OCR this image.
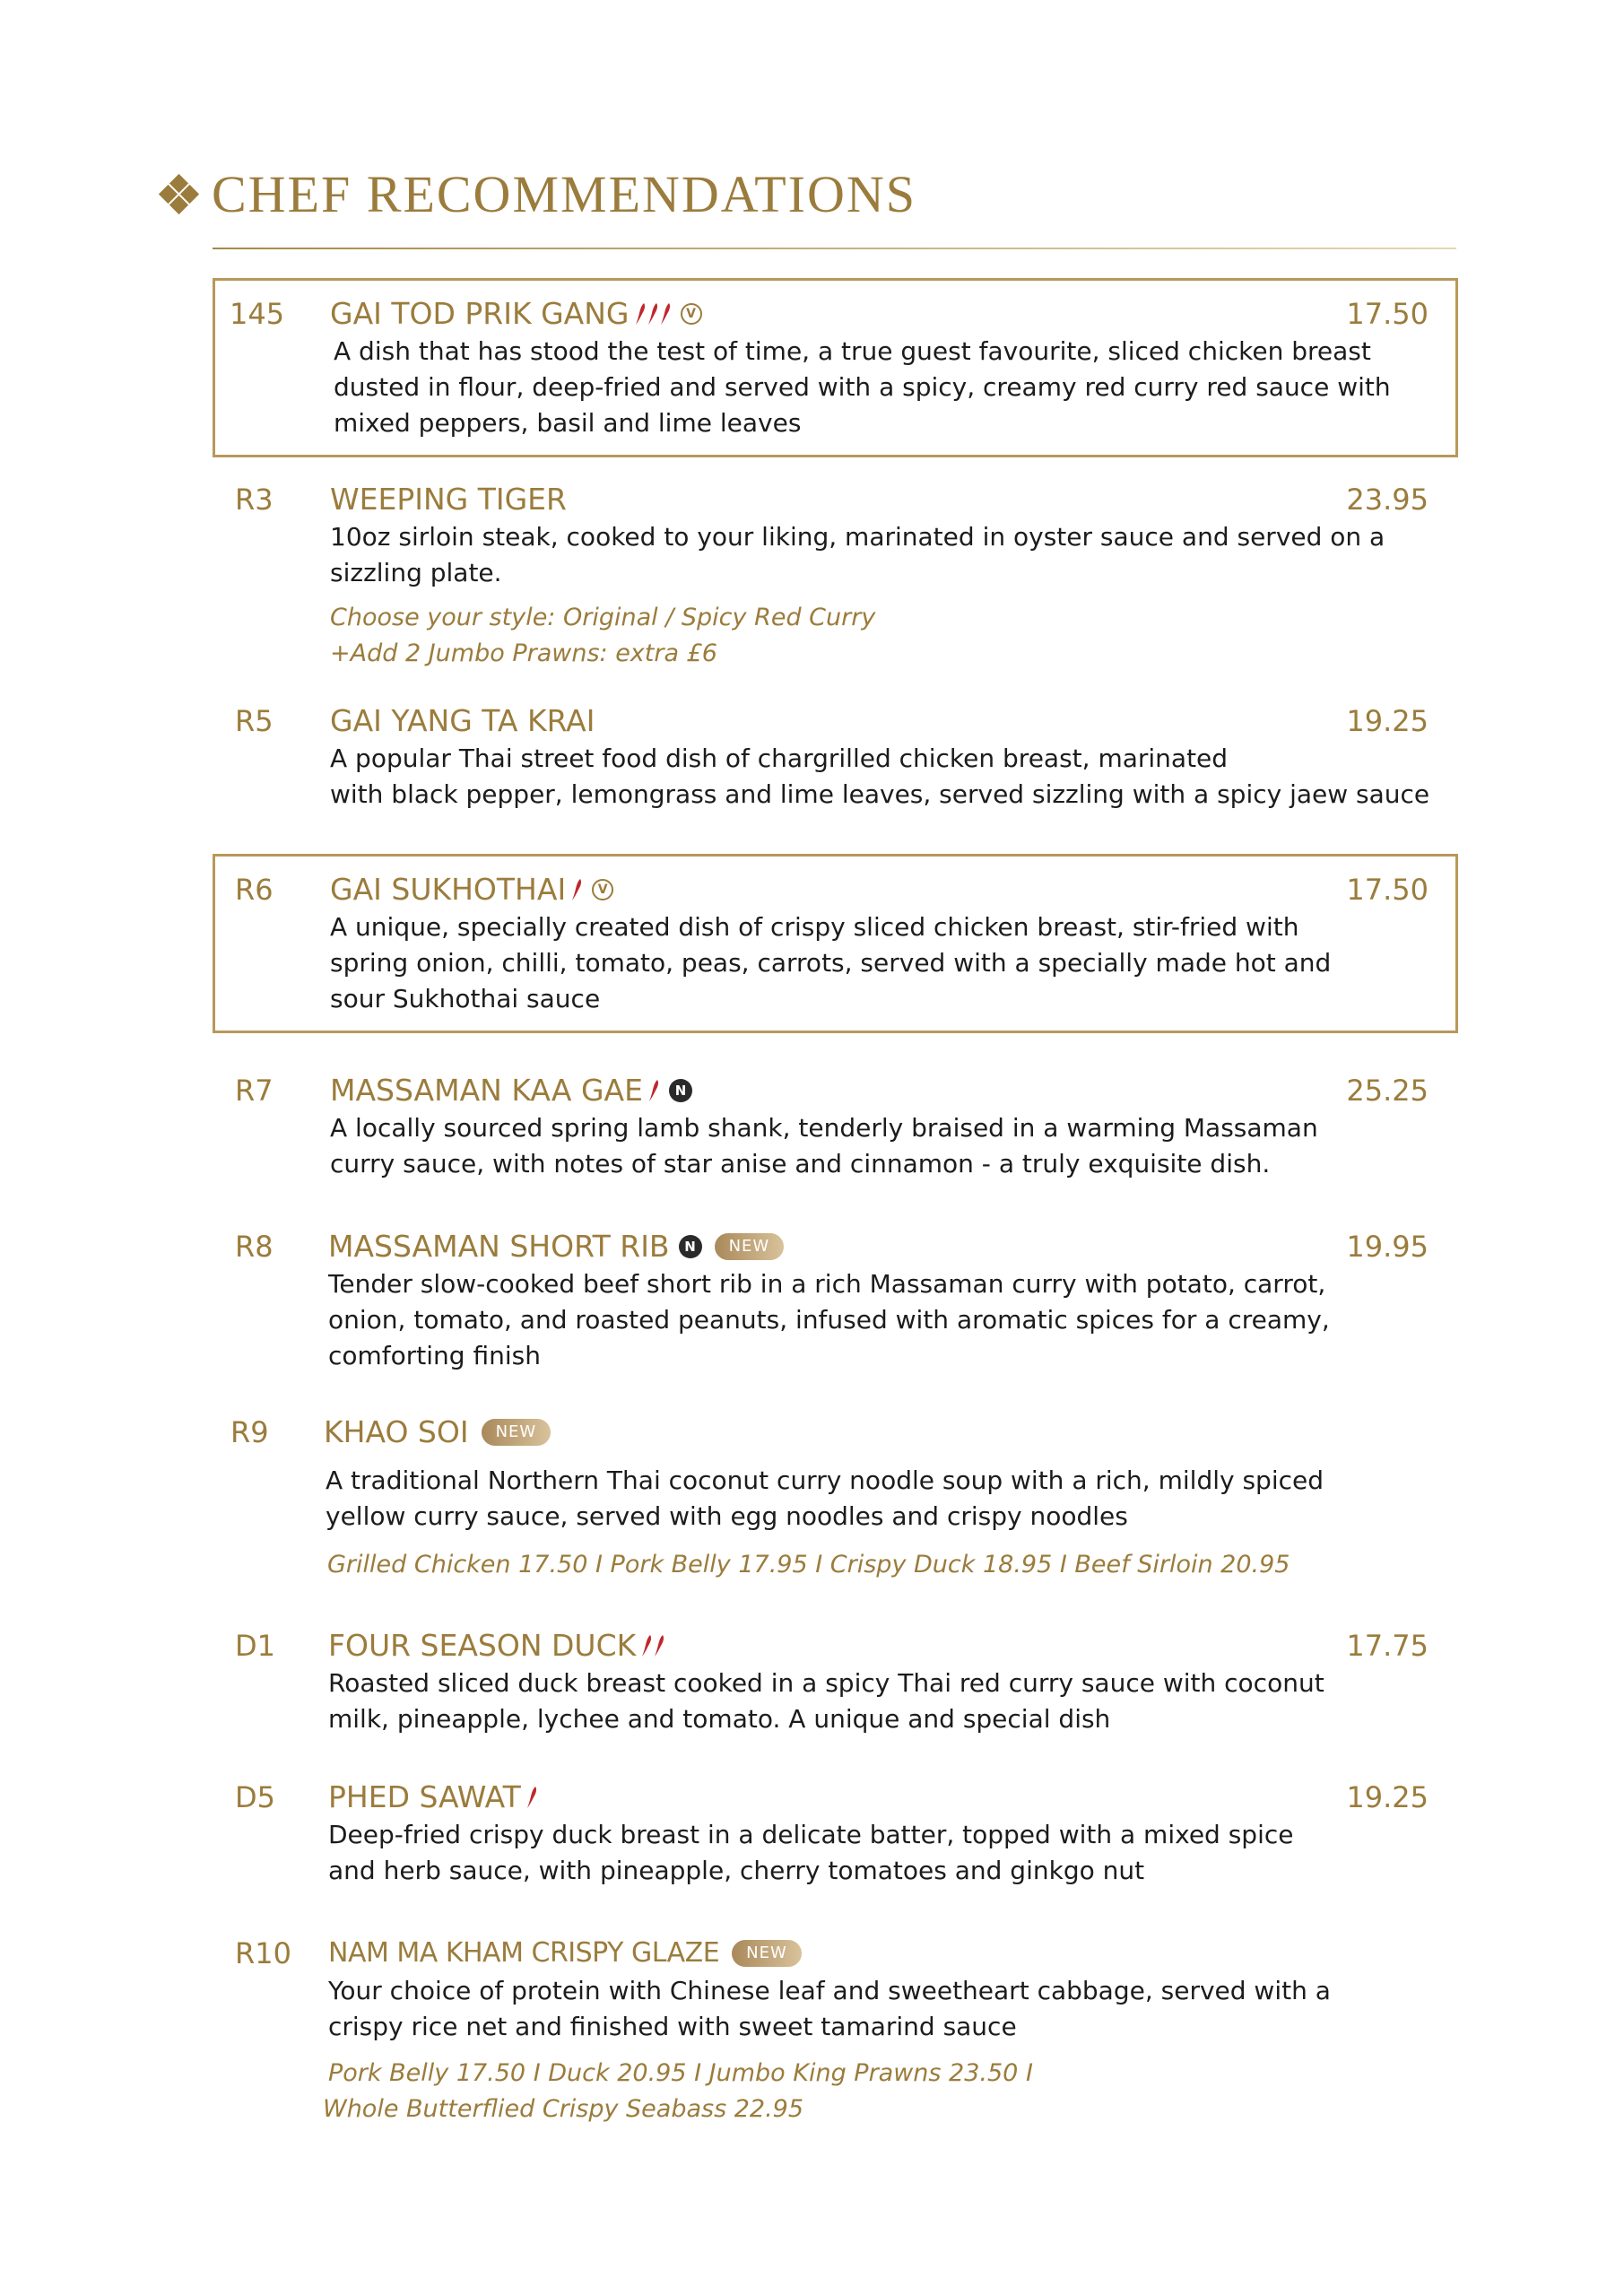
CHEF RECOMMENDATIONS
145 GAI TOD PRIK GANG	V	17.50
A dish that has stood the test of time, a true guest favourite, sliced chicken breast
dusted in flour, deep-fried and served with a spicy, creamy red curry red sauce with
mixed peppers, basil and lime leaves
R3 WEEPING TIGER	23.95
10oz sirloin steak, cooked to your liking, marinated in oyster sauce and served on a
sizzling plate.
Choose your style: Original / Spicy Red Curry
+Add 2 Jumbo Prawns: extra £6
R5 GAI YANG TA KRAI	19.25
A popular Thai street food dish of chargrilled chicken breast, marinated
with black pepper, lemongrass and lime leaves, served sizzling with a spicy jaew sauce
R6 GAI SUKHOTHAI	V	17.50
A unique, specially created dish of crispy sliced chicken breast, stir-fried with
spring onion, chilli, tomato, peas, carrots, served with a specially made hot and
sour Sukhothai sauce
R7 MASSAMAN KAA GAE	N	25.25
A locally sourced spring lamb shank, tenderly braised in a warming Massaman
curry sauce, with notes of star anise and cinnamon - a truly exquisite dish.
R8 MASSAMAN SHORT RIB	N	NEW	19.95
Tender slow-cooked beef short rib in a rich Massaman curry with potato, carrot,
onion, tomato, and roasted peanuts, infused with aromatic spices for a creamy,
comforting finish
R9 KHAO SOI	NEW
A traditional Northern Thai coconut curry noodle soup with a rich, mildly spiced
yellow curry sauce, served with egg noodles and crispy noodles
Grilled Chicken 17.50 I Pork Belly 17.95 I Crispy Duck 18.95 I Beef Sirloin 20.95
D1 FOUR SEASON DUCK	17.75
Roasted sliced duck breast cooked in a spicy Thai red curry sauce with coconut
milk, pineapple, lychee and tomato. A unique and special dish
D5 PHED SAWAT	19.25
Deep-fried crispy duck breast in a delicate batter, topped with a mixed spice
and herb sauce, with pineapple, cherry tomatoes and ginkgo nut
R10 NAM MA KHAM CRISPY GLAZE	NEW
Your choice of protein with Chinese leaf and sweetheart cabbage, served with a
crispy rice net and finished with sweet tamarind sauce
Pork Belly 17.50 I Duck 20.95 I Jumbo King Prawns 23.50 I
Whole Butterflied Crispy Seabass 22.95
